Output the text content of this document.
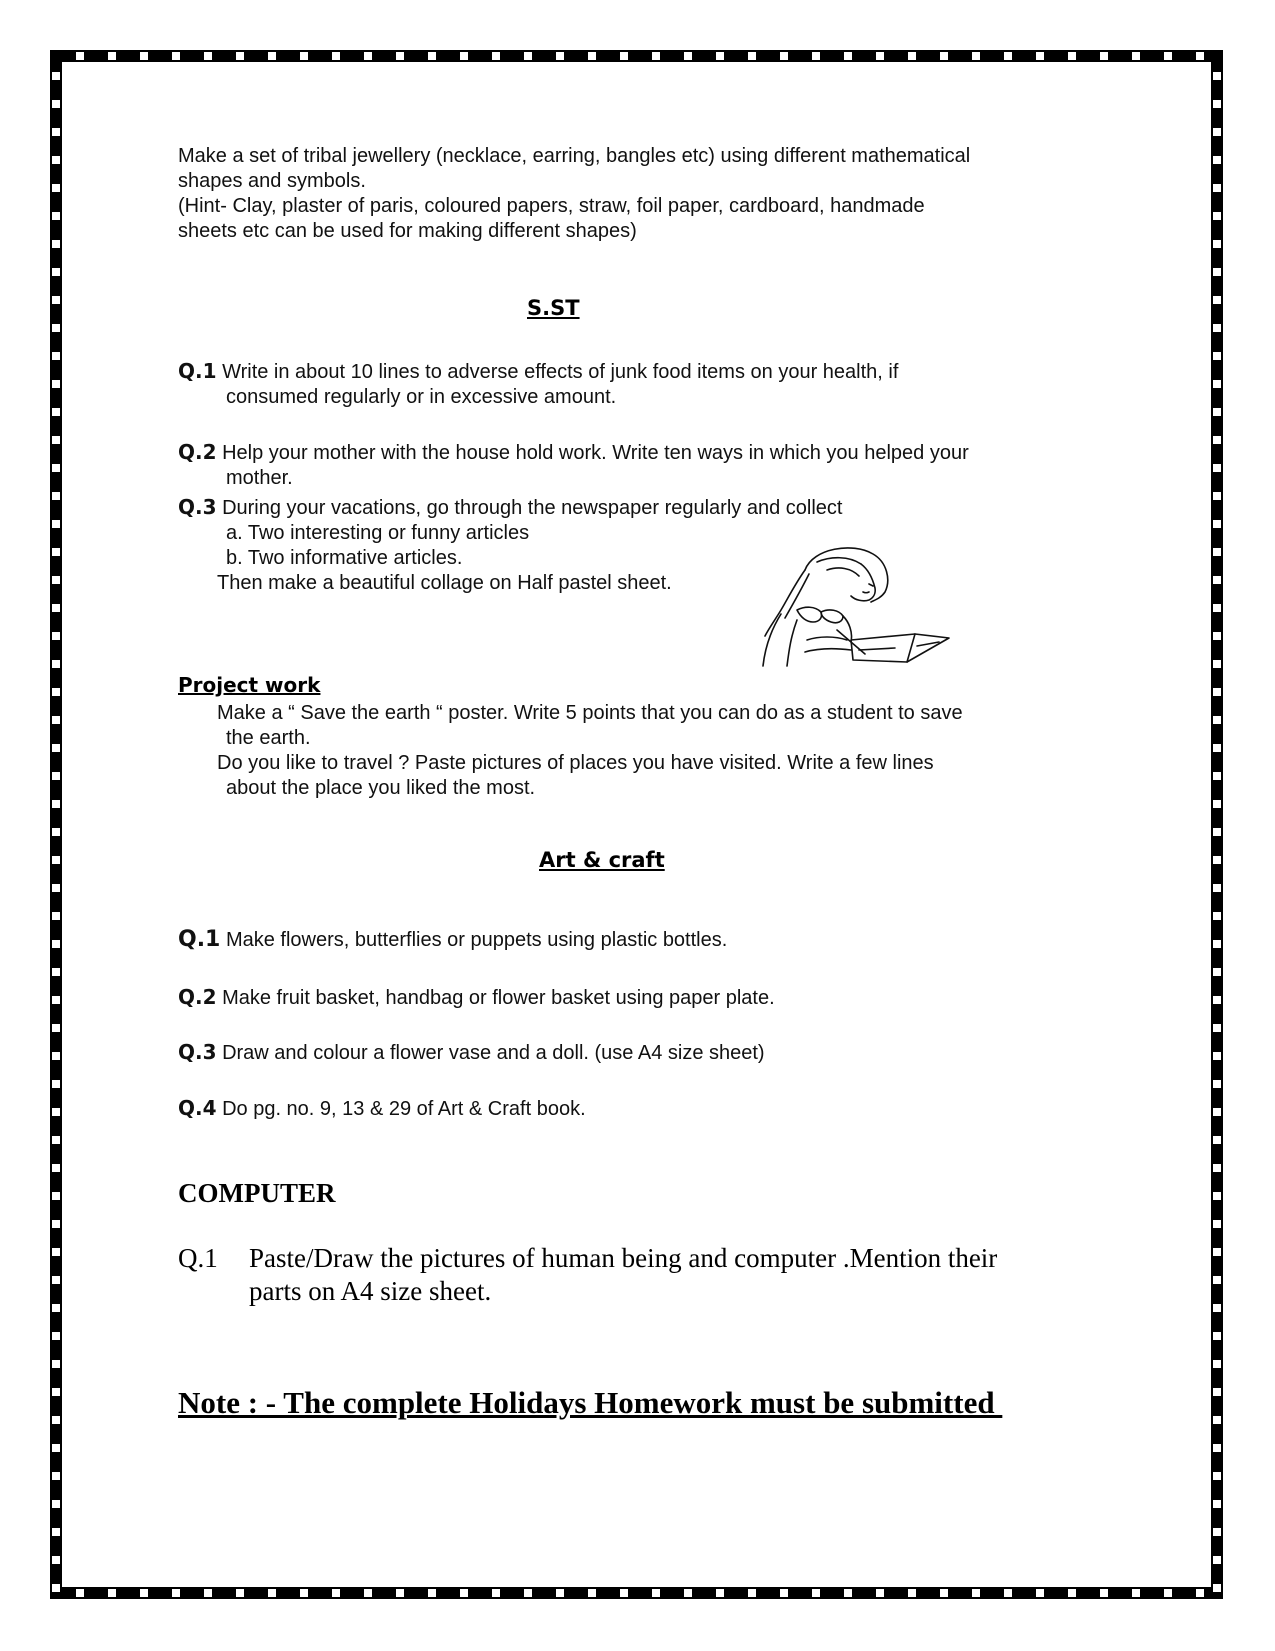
Make a set of tribal jewellery (necklace, earring, bangles etc) using different mathematical
shapes and symbols.
(Hint- Clay, plaster of paris, coloured papers, straw, foil paper, cardboard, handmade
sheets etc can be used for making different shapes)
S.ST
Q.1 Write in about 10 lines to adverse effects of junk food items on your health, if
consumed regularly or in excessive amount.
Q.2 Help your mother with the house hold work. Write ten ways in which you helped your
mother.
Q.3 During your vacations, go through the newspaper regularly and collect
a. Two interesting or funny articles
b. Two informative articles.
Then make a beautiful collage on Half pastel sheet.
Project work
Make a “ Save the earth “ poster. Write 5 points that you can do as a student to save
the earth.
Do you like to travel ? Paste pictures of places you have visited. Write a few lines
about the place you liked the most.
Art & craft
Q.1 Make flowers, butterflies or puppets using plastic bottles.
Q.2 Make fruit basket, handbag or flower basket using paper plate.
Q.3 Draw and colour a flower vase and a doll. (use A4 size sheet)
Q.4 Do pg. no. 9, 13 & 29 of Art & Craft book.
COMPUTER
Q.1	Paste/Draw the pictures of human being and computer .Mention their
parts on A4 size sheet.
Note : - The complete Holidays Homework must be submitted
